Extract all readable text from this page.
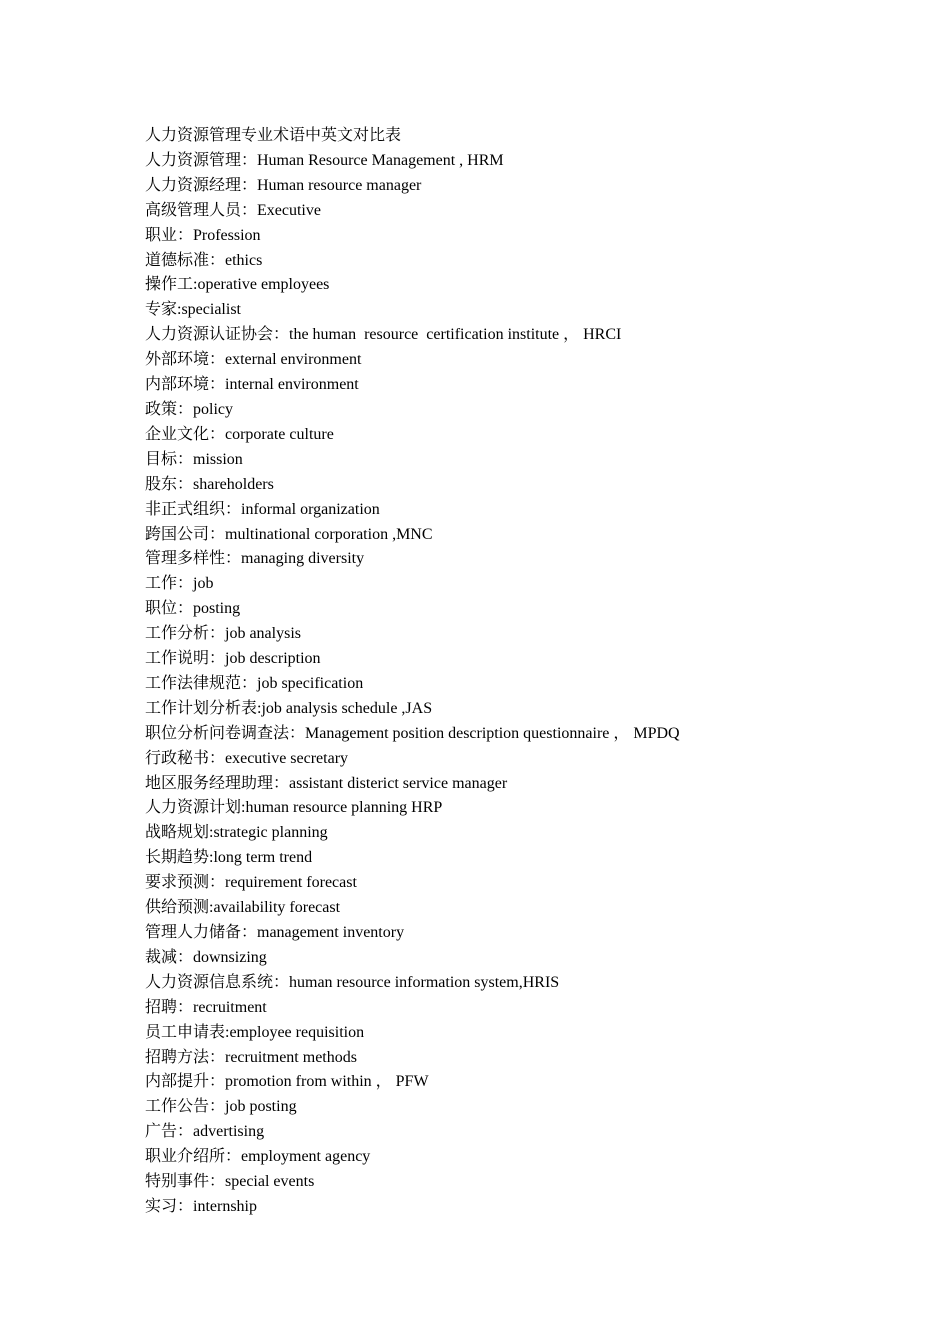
人力资源管理专业术语中英文对比表

人力资源管理：Human Resource Management , HRM

人力资源经理：Human resource manager

高级管理人员：Executive

职业：Profession

道德标准：ethics

操作工:operative employees

专家:specialist

人力资源认证协会：the human  resource  certification institute ， HRCI

外部环境：external environment

内部环境：internal environment

政策：policy

企业文化：corporate culture

目标：mission

股东：shareholders

非正式组织：informal organization

跨国公司：multinational corporation ,MNC

管理多样性：managing diversity

工作：job

职位：posting

工作分析：job analysis

工作说明：job description

工作法律规范：job specification

工作计划分析表:job analysis schedule ,JAS

职位分析问卷调查法：Management position description questionnaire ， MPDQ

行政秘书：executive secretary

地区服务经理助理：assistant disterict service manager

人力资源计划:human resource planning HRP

战略规划:strategic planning

长期趋势:long term trend

要求预测：requirement forecast

供给预测:availability forecast

管理人力储备：management inventory

裁减：downsizing

人力资源信息系统：human resource information system,HRIS

招聘：recruitment

员工申请表:employee requisition

招聘方法：recruitment methods

内部提升：promotion from within ， PFW

工作公告：job posting

广告：advertising

职业介绍所：employment agency

特别事件：special events

实习：internship
